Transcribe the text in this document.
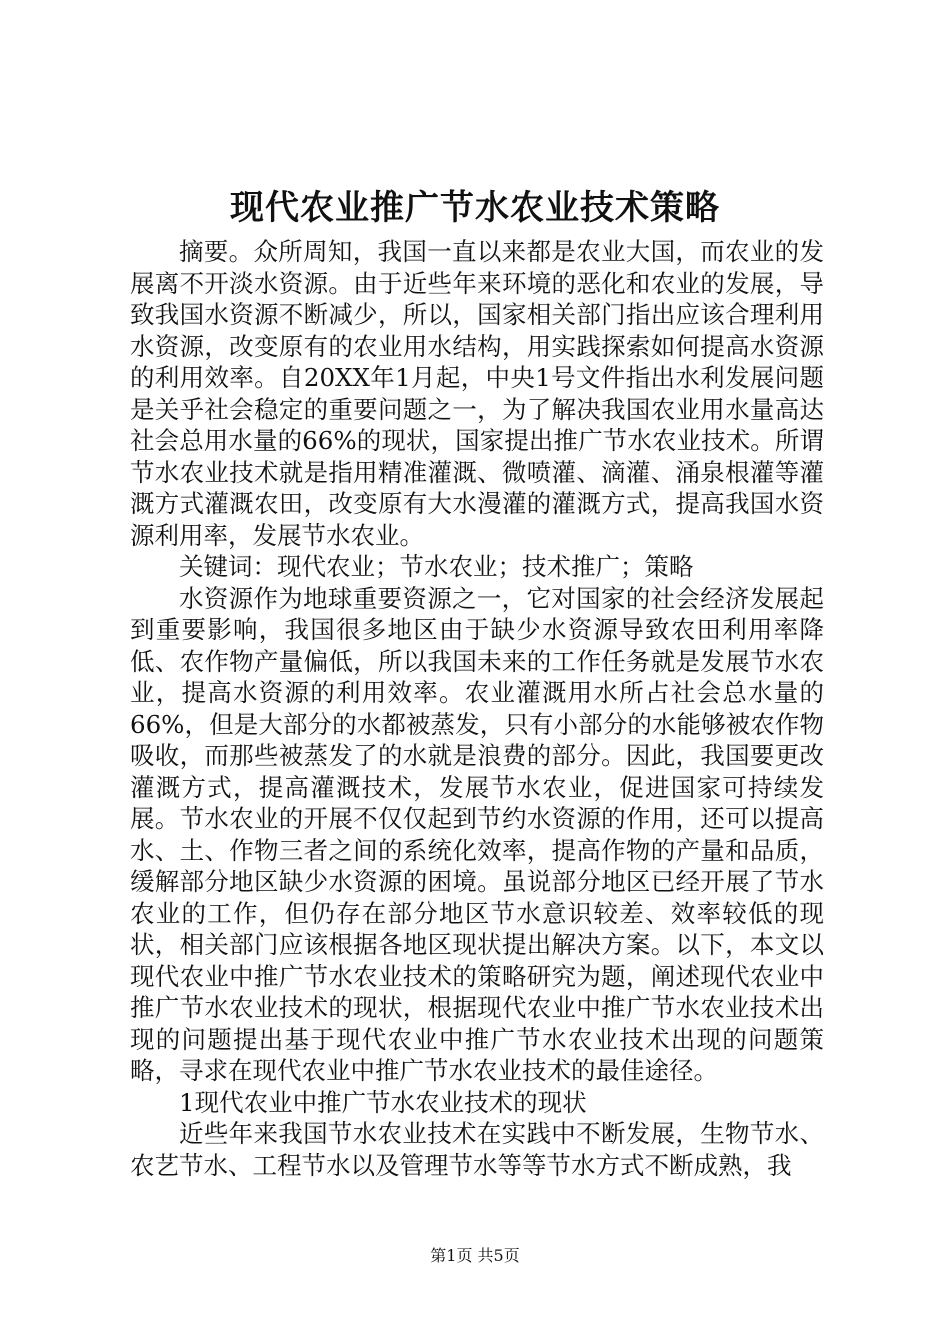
现代农业推广节水农业技术策略

摘要。众所周知，我国一直以来都是农业大国，而农业的发展离不开淡水资源。由于近些年来环境的恶化和农业的发展，导致我国水资源不断减少，所以，国家相关部门指出应该合理利用水资源，改变原有的农业用水结构，用实践探索如何提高水资源的利用效率。自20XX年1月起，中央1号文件指出水利发展问题是关乎社会稳定的重要问题之一，为了解决我国农业用水量高达社会总用水量的66%的现状，国家提出推广节水农业技术。所谓节水农业技术就是指用精准灌溉、微喷灌、滴灌、涌泉根灌等灌溉方式灌溉农田，改变原有大水漫灌的灌溉方式，提高我国水资源利用率，发展节水农业。

关键词：现代农业；节水农业；技术推广；策略

水资源作为地球重要资源之一，它对国家的社会经济发展起到重要影响，我国很多地区由于缺少水资源导致农田利用率降低、农作物产量偏低，所以我国未来的工作任务就是发展节水农业，提高水资源的利用效率。农业灌溉用水所占社会总水量的66%，但是大部分的水都被蒸发，只有小部分的水能够被农作物吸收，而那些被蒸发了的水就是浪费的部分。因此，我国要更改灌溉方式，提高灌溉技术，发展节水农业，促进国家可持续发展。节水农业的开展不仅仅起到节约水资源的作用，还可以提高水、土、作物三者之间的系统化效率，提高作物的产量和品质，缓解部分地区缺少水资源的困境。虽说部分地区已经开展了节水农业的工作，但仍存在部分地区节水意识较差、效率较低的现状，相关部门应该根据各地区现状提出解决方案。以下，本文以现代农业中推广节水农业技术的策略研究为题，阐述现代农业中推广节水农业技术的现状，根据现代农业中推广节水农业技术出现的问题提出基于现代农业中推广节水农业技术出现的问题策略，寻求在现代农业中推广节水农业技术的最佳途径。

1现代农业中推广节水农业技术的现状

近些年来我国节水农业技术在实践中不断发展，生物节水、农艺节水、工程节水以及管理节水等等节水方式不断成熟，我

第1页 共5页
